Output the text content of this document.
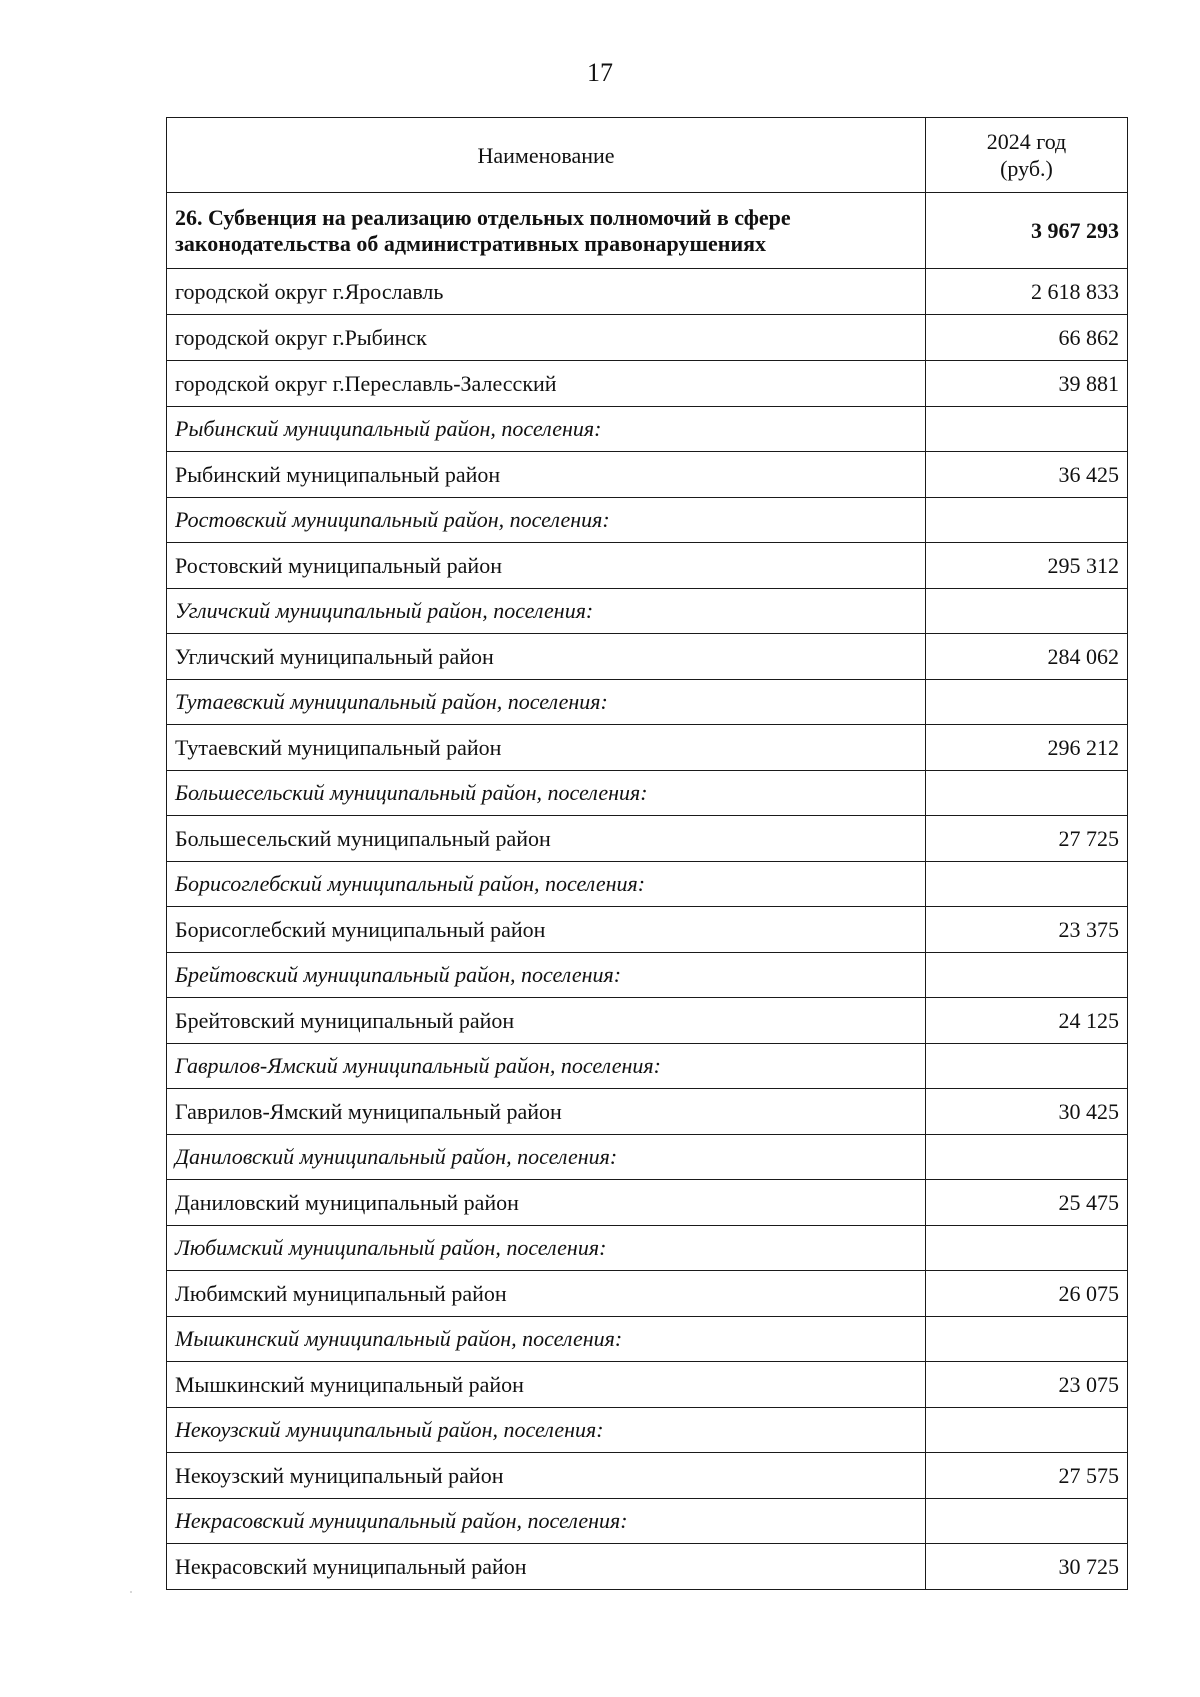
17
Наименование	2024 год
(руб.)

26. Субвенция на реализацию отдельных полномочий в сфере законодательства об административных правонарушениях	3 967 293
городской округ г.Ярославль	2 618 833
городской округ г.Рыбинск	66 862
городской округ г.Переславль-Залесский	39 881
Рыбинский муниципальный район, поселения:	
Рыбинский муниципальный район	36 425
Ростовский муниципальный район, поселения:	
Ростовский муниципальный район	295 312
Угличский муниципальный район, поселения:	
Угличский муниципальный район	284 062
Тутаевский муниципальный район, поселения:	
Тутаевский муниципальный район	296 212
Большесельский муниципальный район, поселения:	
Большесельский муниципальный район	27 725
Борисоглебский муниципальный район, поселения:	
Борисоглебский муниципальный район	23 375
Брейтовский муниципальный район, поселения:	
Брейтовский муниципальный район	24 125
Гаврилов-Ямский муниципальный район, поселения:	
Гаврилов-Ямский муниципальный район	30 425
Даниловский муниципальный район, поселения:	
Даниловский муниципальный район	25 475
Любимский муниципальный район, поселения:	
Любимский муниципальный район	26 075
Мышкинский муниципальный район, поселения:	
Мышкинский муниципальный район	23 075
Некоузский муниципальный район, поселения:	
Некоузский муниципальный район	27 575
Некрасовский муниципальный район, поселения:	
Некрасовский муниципальный район	30 725
